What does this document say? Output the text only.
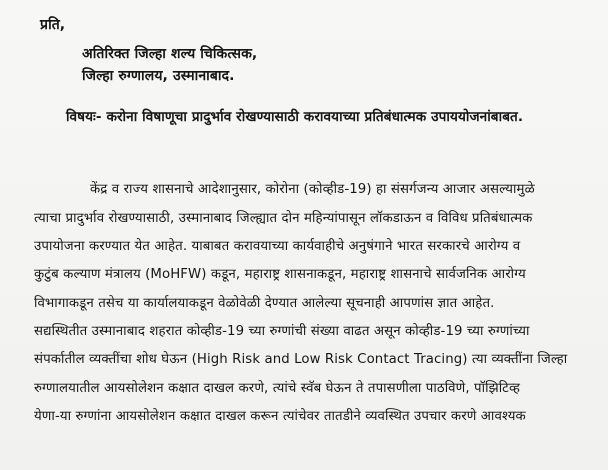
प्रति,
अतिरिक्त जिल्हा शल्य चिकित्सक,
जिल्हा रुग्णालय, उस्मानाबाद.
विषयः- करोना विषाणूचा प्रादुर्भाव रोखण्यासाठी करावयाच्या प्रतिबंधात्मक उपाययोजनांबाबत.
केंद्र व राज्य शासनाचे आदेशानुसार, कोरोना (कोव्हीड-19) हा संसर्गजन्य आजार असल्यामुळे
त्याचा प्रादुर्भाव रोखण्यासाठी, उस्मानाबाद जिल्ह्यात दोन महिन्यांपासून लॉकडाऊन व विविध प्रतिबंधात्मक
उपायोजना करण्यात येत आहेत. याबाबत करावयाच्या कार्यवाहीचे अनुषंगाने भारत सरकारचे आरोग्य व
कुटुंब कल्याण मंत्रालय (MoHFW) कडून, महाराष्ट्र शासनाकडून, महाराष्ट्र शासनाचे सार्वजनिक आरोग्य
विभागाकडून तसेच या कार्यालयाकडून वेळोवेळी देण्यात आलेल्या सूचनाही आपणांस ज्ञात आहेत.
सद्यस्थितीत उस्मानाबाद शहरात कोव्हीड-19 च्या रुग्णांची संख्या वाढत असून कोव्हीड-19 च्या रुग्णांच्या
संपर्कातील व्यक्तींचा शोध घेऊन (High Risk and Low Risk Contact Tracing) त्या व्यक्तींना जिल्हा
रुग्णालयातील आयसोलेशन कक्षात दाखल करणे, त्यांचे स्वॅब घेऊन ते तपासणीला पाठविणे, पॉझिटिव्ह
येणा-या रुग्णांना आयसोलेशन कक्षात दाखल करून त्यांचेवर तातडीने व्यवस्थित उपचार करणे आवश्यक
